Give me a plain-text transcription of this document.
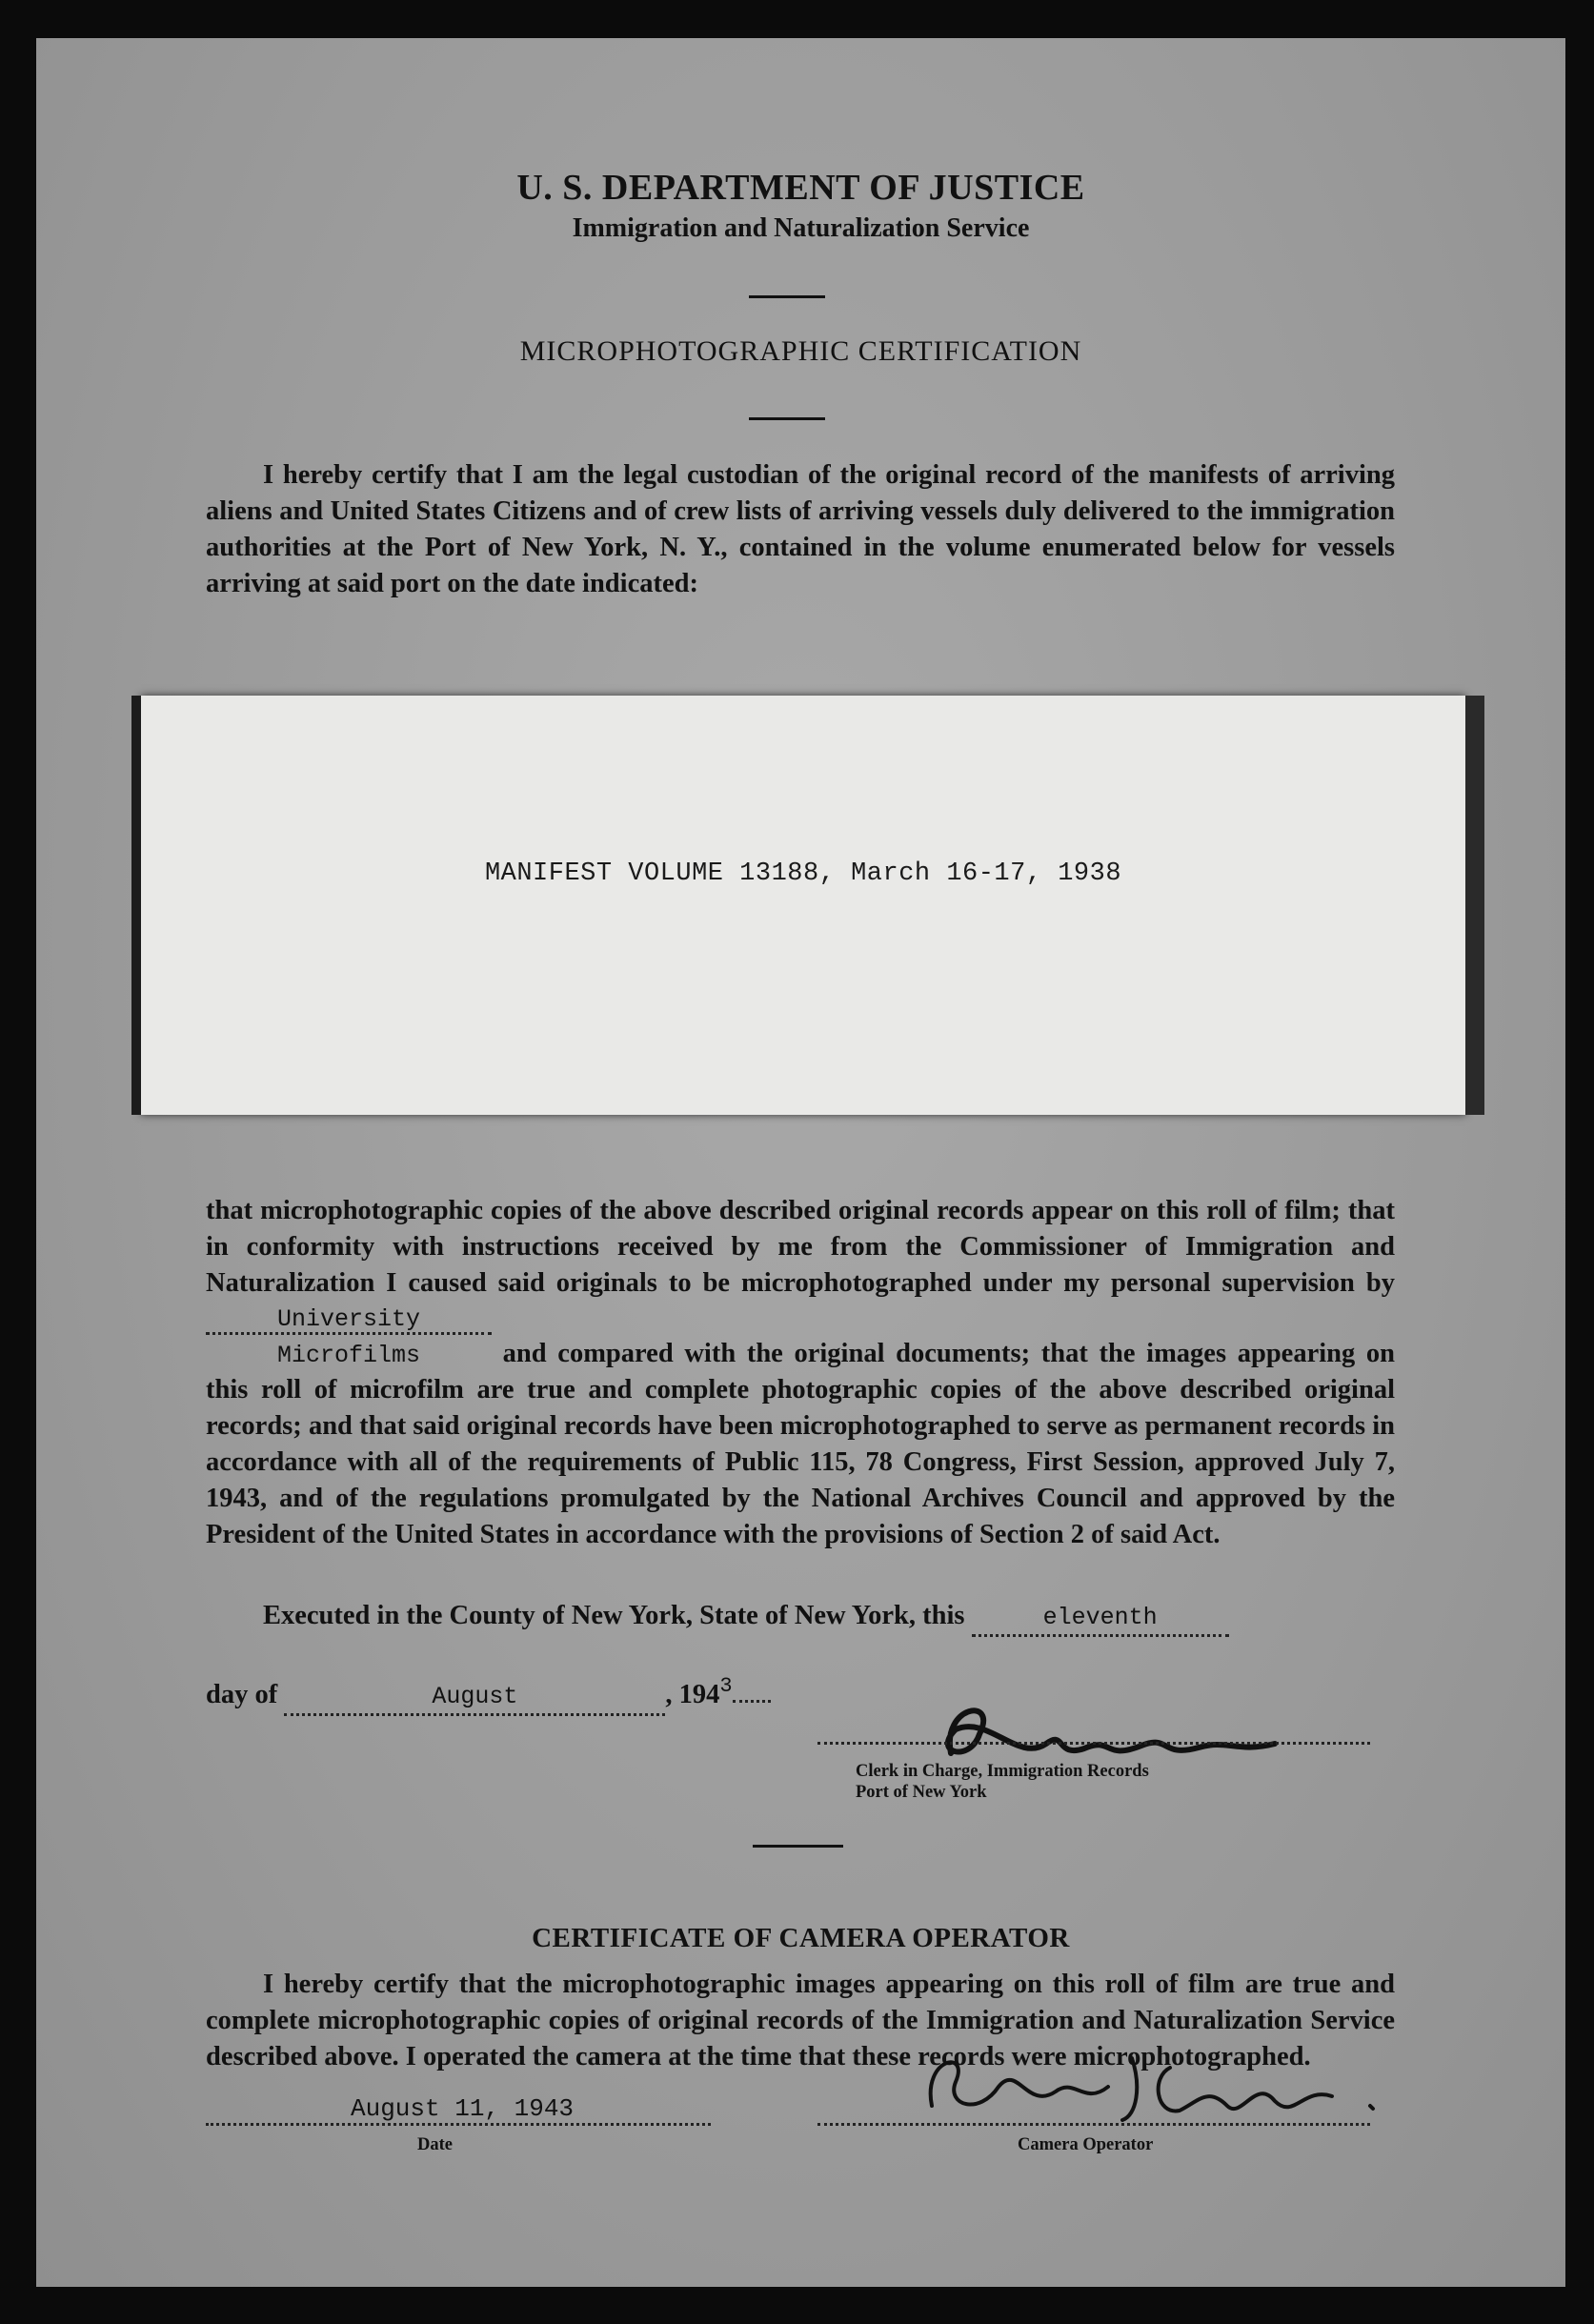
U. S. DEPARTMENT OF JUSTICE
Immigration and Naturalization Service
MICROPHOTOGRAPHIC CERTIFICATION
I hereby certify that I am the legal custodian of the original record of the manifests of arriving aliens and United States Citizens and of crew lists of arriving vessels duly delivered to the immigration authorities at the Port of New York, N. Y., contained in the volume enumerated below for vessels arriving at said port on the date indicated:
MANIFEST VOLUME 13188, March 16-17, 1938
that microphotographic copies of the above described original records appear on this roll of film; that in conformity with instructions received by me from the Commissioner of Immigration and Naturalization I caused said originals to be microphotographed under my personal supervision byUniversity Microfilms	and compared with the original documents; that the images appearing on this roll of microfilm are true and complete photographic copies of the above described original records; and that said original records have been microphotographed to serve as permanent records in accordance with all of the requirements of Public 115, 78 Congress, First Session, approved July 7, 1943, and of the regulations promulgated by the National Archives Council and approved by the President of the United States in accordance with the provisions of Section 2 of said Act.
Executed in the County of New York, State of New York, this	eleventh
day of	August	, $194^3$
Clerk in Charge, Immigration Records
Port of New York
CERTIFICATE OF CAMERA OPERATOR
I hereby certify that the microphotographic images appearing on this roll of film are true and complete microphotographic copies of original records of the Immigration and Naturalization Service described above. I operated the camera at the time that these records were microphotographed.
August 11, 1943
Date	Camera Operator
